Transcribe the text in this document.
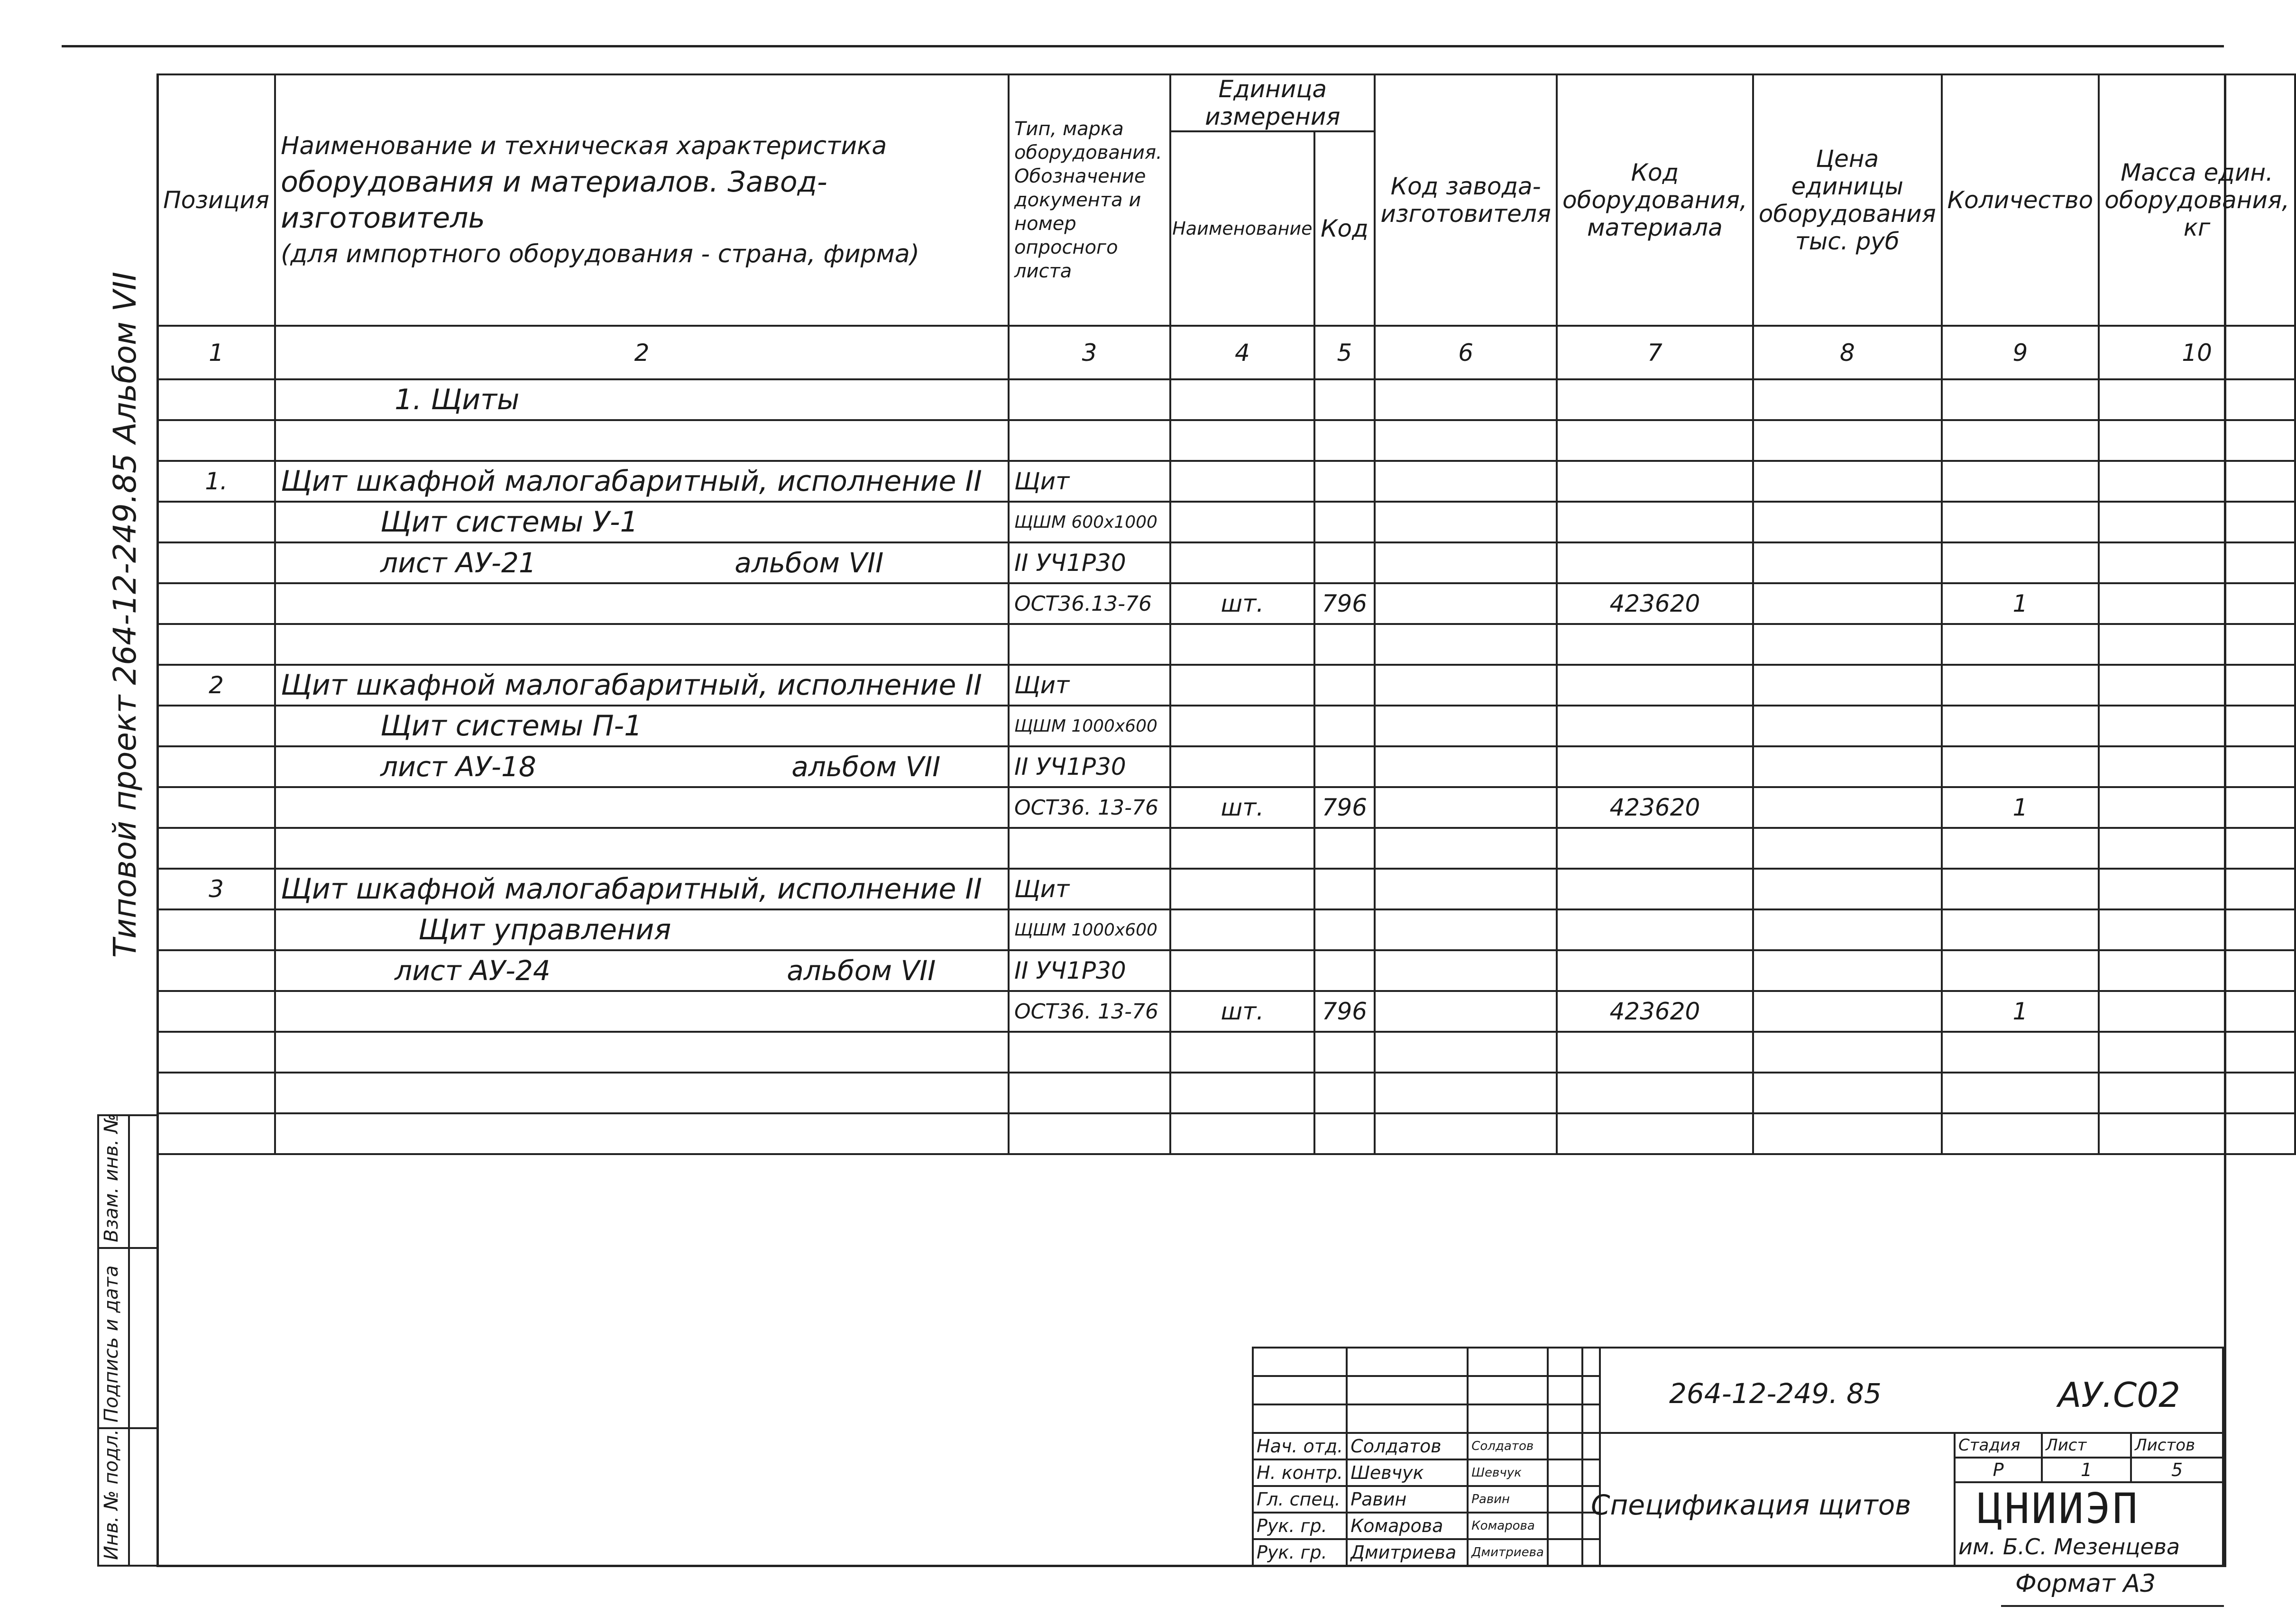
Типовой проект 264-12-249.85 Альбом VII
Инв. № подл.
Подпись и дата
Взам. инв. №
Позиция	Наименование и техническая характеристика
оборудования и материалов. Завод-изготовитель
(для импортного оборудования - страна, фирма)	Тип, марка оборудования. Обозначение документа и номер опросного листа	Единица измерения		Код завода-изготовителя	Код оборудования, материала	Цена единицы оборудования тыс. руб	Количество	Масса един. оборудования, кг
			Наименование	Код					
1	2	3	4	5	6	7	8	9	10
	1. Щиты								

1.	Щит шкафной малогабаритный, исполнение II	Щит							
	Щит системы У-1	ЩШМ 600x1000							
	лист АУ-21 альбом VII	II УЧ1Р30							
		ОСТ36.13-76	шт.	796		423620		1	

2	Щит шкафной малогабаритный, исполнение II	Щит							
	Щит системы П-1	ЩШМ 1000x600							
	лист АУ-18 альбом VII	II УЧ1Р30							
		ОСТ36. 13-76	шт.	796		423620		1	

3	Щит шкафной малогабаритный, исполнение II	Щит							
	Щит управления	ЩШМ 1000x600							
	лист АУ-24 альбом VII	II УЧ1Р30							
		ОСТ36. 13-76	шт.	796		423620		1	

Нач. отд.	Солдатов	Солдатов	
Н. контр.	Шевчук	Шевчук	
Гл. спец.	Равин	Равин	
Рук. гр.	Комарова	Комарова	
Рук. гр.	Дмитриева	Дмитриева	
264-12-249. 85	АУ.С02
Спецификация щитов
Стадия	Лист	Листов
Р	1	5
ЦНИИЭП
им. Б.С. Мезенцева
Формат А3
